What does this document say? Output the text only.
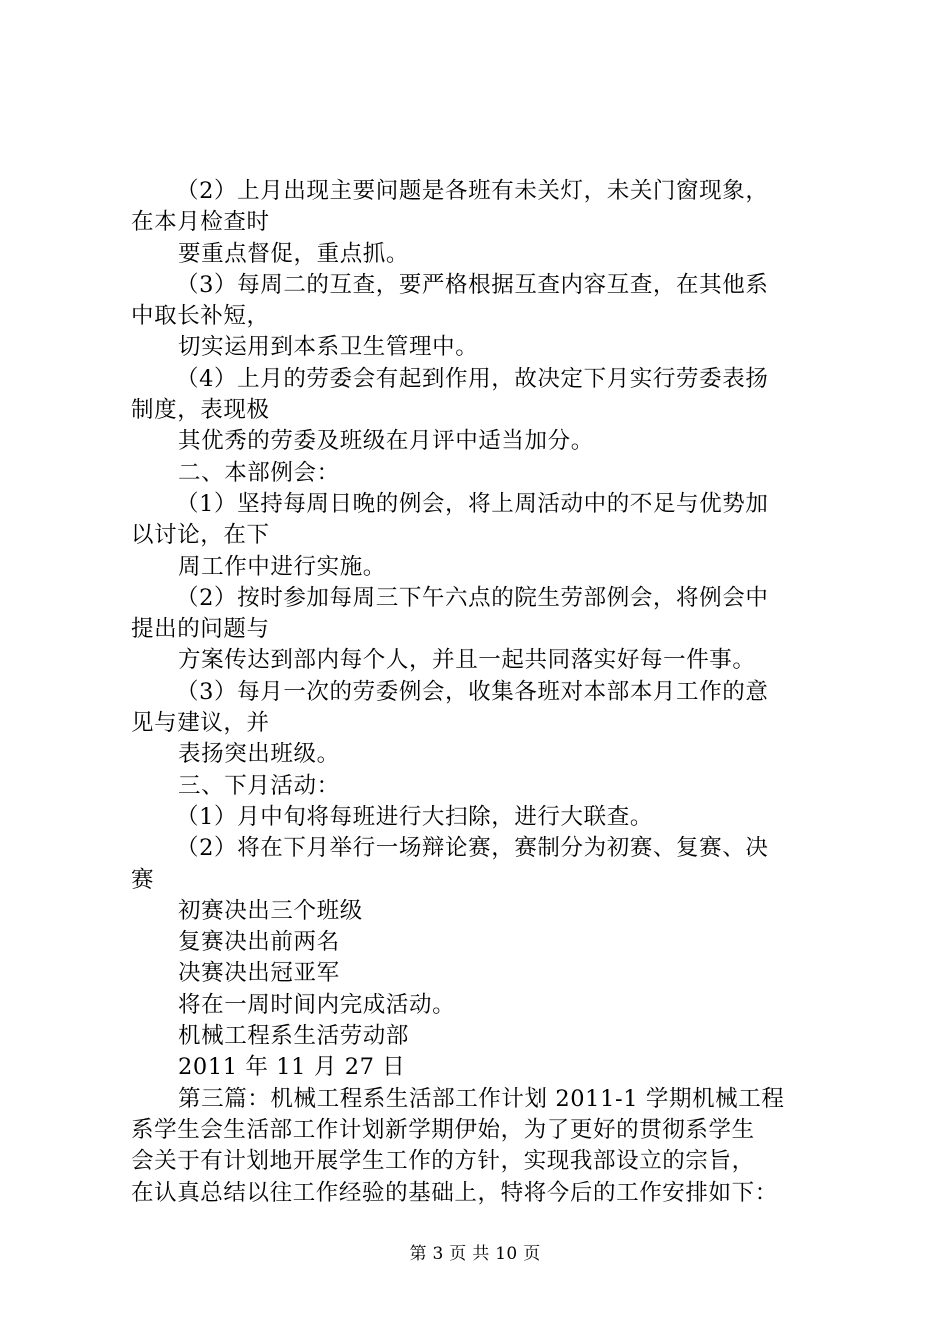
（2）上月出现主要问题是各班有未关灯，未关门窗现象，
在本月检查时
要重点督促，重点抓。
（3）每周二的互查，要严格根据互查内容互查，在其他系
中取长补短，
切实运用到本系卫生管理中。
（4）上月的劳委会有起到作用，故决定下月实行劳委表扬
制度，表现极
其优秀的劳委及班级在月评中适当加分。
二、本部例会：
（1）坚持每周日晚的例会，将上周活动中的不足与优势加
以讨论，在下
周工作中进行实施。
（2）按时参加每周三下午六点的院生劳部例会，将例会中
提出的问题与
方案传达到部内每个人，并且一起共同落实好每一件事。
（3）每月一次的劳委例会，收集各班对本部本月工作的意
见与建议，并
表扬突出班级。
三、下月活动：
（1）月中旬将每班进行大扫除，进行大联查。
（2）将在下月举行一场辩论赛，赛制分为初赛、复赛、决
赛
初赛决出三个班级
复赛决出前两名
决赛决出冠亚军
将在一周时间内完成活动。
机械工程系生活劳动部
2011 年 11 月 27 日
第三篇：机械工程系生活部工作计划 2011-1 学期机械工程
系学生会生活部工作计划新学期伊始，为了更好的贯彻系学生
会关于有计划地开展学生工作的方针，实现我部设立的宗旨，
在认真总结以往工作经验的基础上，特将今后的工作安排如下：
第 3 页 共 10 页
